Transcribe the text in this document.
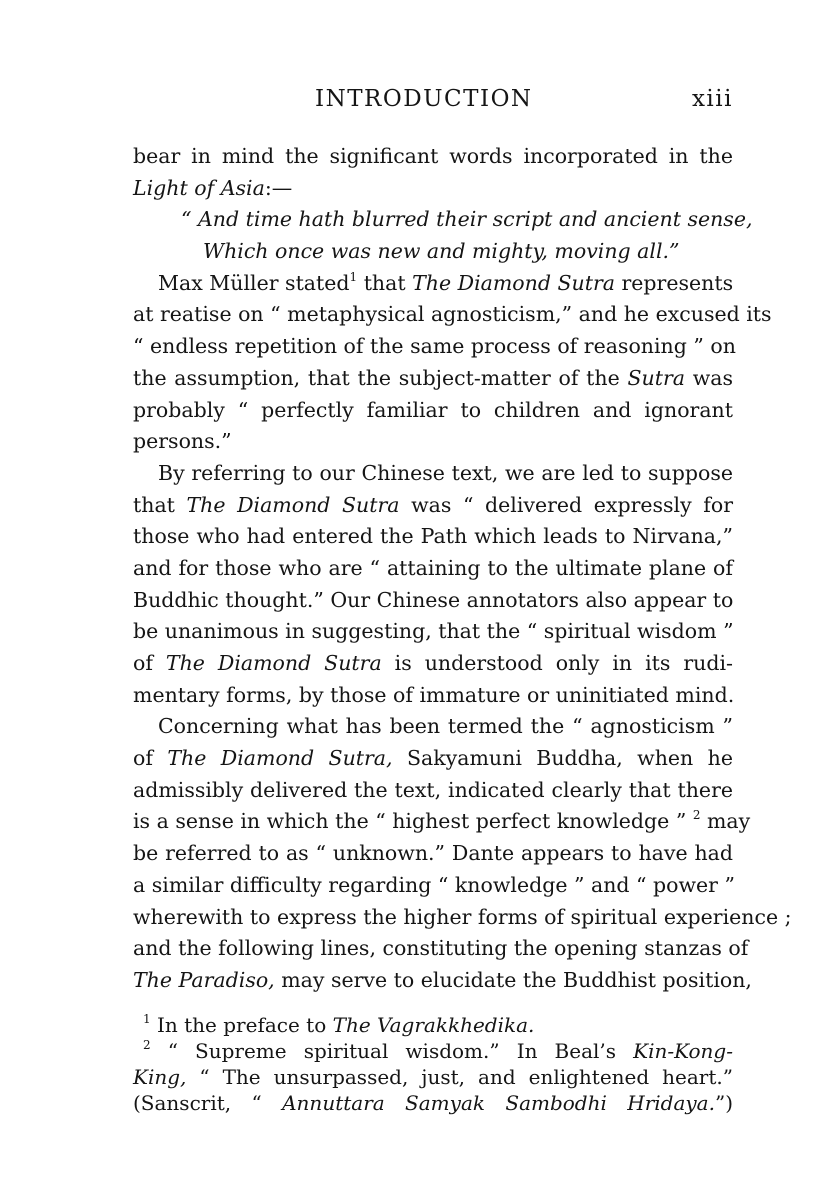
INTRODUCTION	xiii
bear in mind the significant words incorporated in the
Light of Asia:—
“ And time hath blurred their script and ancient sense,
Which once was new and mighty, moving all.”
Max Müller stated$^1$ that The Diamond Sutra represents
at reatise on “ metaphysical agnosticism,” and he excused its
“ endless repetition of the same process of reasoning ” on
the assumption, that the subject-matter of the Sutra was
probably “ perfectly familiar to children and ignorant
persons.”
By referring to our Chinese text, we are led to suppose
that The Diamond Sutra was “ delivered expressly for
those who had entered the Path which leads to Nirvana,”
and for those who are “ attaining to the ultimate plane of
Buddhic thought.” Our Chinese annotators also appear to
be unanimous in suggesting, that the “ spiritual wisdom ”
of The Diamond Sutra is understood only in its rudi-
mentary forms, by those of immature or uninitiated mind.
Concerning what has been termed the “ agnosticism ”
of The Diamond Sutra, Sakyamuni Buddha, when he
admissibly delivered the text, indicated clearly that there
is a sense in which the “ highest perfect knowledge ” $^2$ may
be referred to as “ unknown.” Dante appears to have had
a similar difficulty regarding “ knowledge ” and “ power ”
wherewith to express the higher forms of spiritual experience ;
and the following lines, constituting the opening stanzas of
The Paradiso, may serve to elucidate the Buddhist position,
$^1$ In the preface to The Vagrakkhedika.
$^2$ “ Supreme spiritual wisdom.” In Beal’s Kin-Kong-
King, “ The unsurpassed, just, and enlightened heart.”
(Sanscrit, “ Annuttara Samyak Sambodhi Hridaya.”)
